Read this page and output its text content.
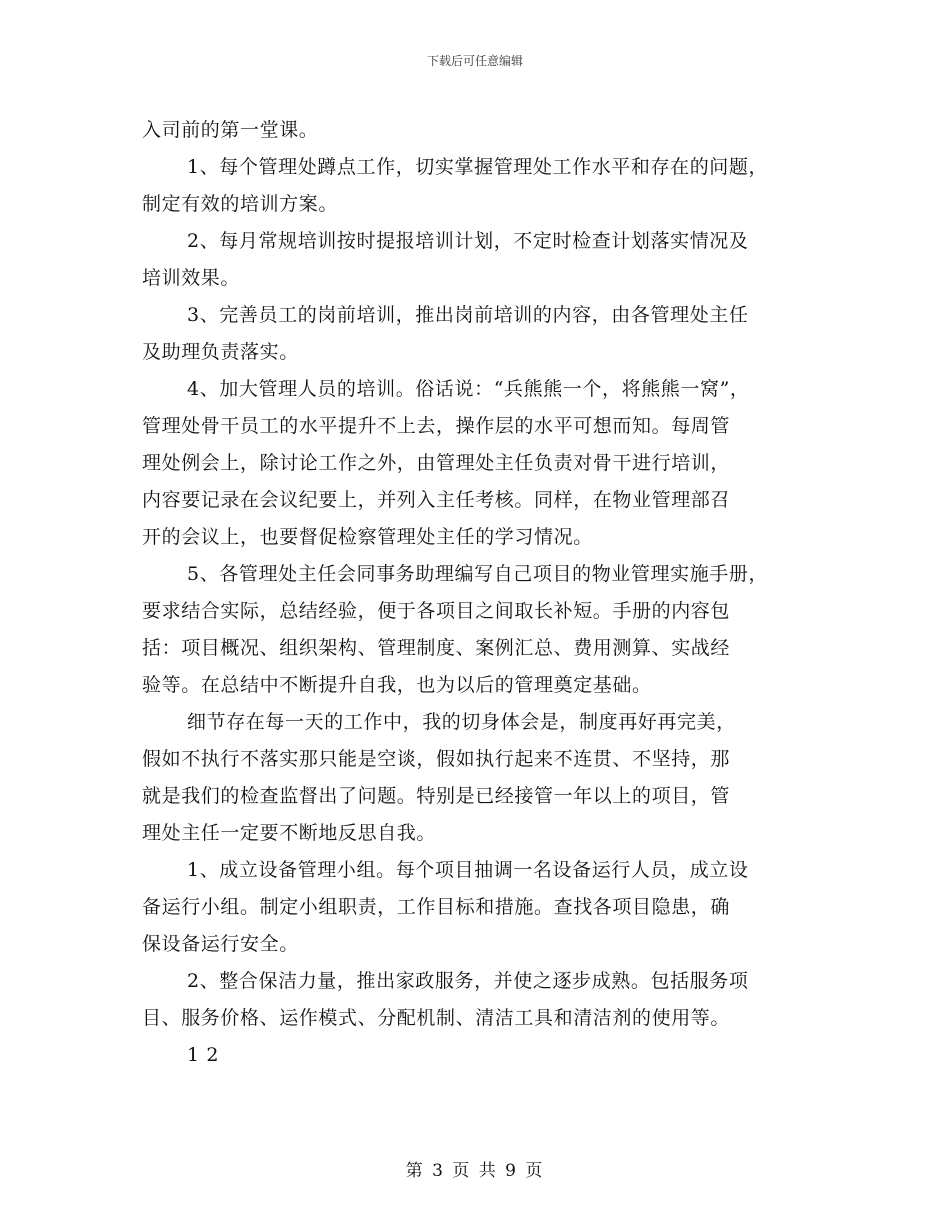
下载后可任意编辑
入司前的第一堂课。
1、每个管理处蹲点工作，切实掌握管理处工作水平和存在的问题，
制定有效的培训方案。
2、每月常规培训按时提报培训计划，不定时检查计划落实情况及
培训效果。
3、完善员工的岗前培训，推出岗前培训的内容，由各管理处主任
及助理负责落实。
4、加大管理人员的培训。俗话说：“兵熊熊一个，将熊熊一窝”，
管理处骨干员工的水平提升不上去，操作层的水平可想而知。每周管
理处例会上，除讨论工作之外，由管理处主任负责对骨干进行培训，
内容要记录在会议纪要上，并列入主任考核。同样，在物业管理部召
开的会议上，也要督促检察管理处主任的学习情况。
5、各管理处主任会同事务助理编写自己项目的物业管理实施手册，
要求结合实际，总结经验，便于各项目之间取长补短。手册的内容包
括：项目概况、组织架构、管理制度、案例汇总、费用测算、实战经
验等。在总结中不断提升自我，也为以后的管理奠定基础。
细节存在每一天的工作中，我的切身体会是，制度再好再完美，
假如不执行不落实那只能是空谈，假如执行起来不连贯、不坚持，那
就是我们的检查监督出了问题。特别是已经接管一年以上的项目，管
理处主任一定要不断地反思自我。
1、成立设备管理小组。每个项目抽调一名设备运行人员，成立设
备运行小组。制定小组职责，工作目标和措施。查找各项目隐患，确
保设备运行安全。
2、整合保洁力量，推出家政服务，并使之逐步成熟。包括服务项
目、服务价格、运作模式、分配机制、清洁工具和清洁剂的使用等。
1 2
第 3 页 共 9 页
